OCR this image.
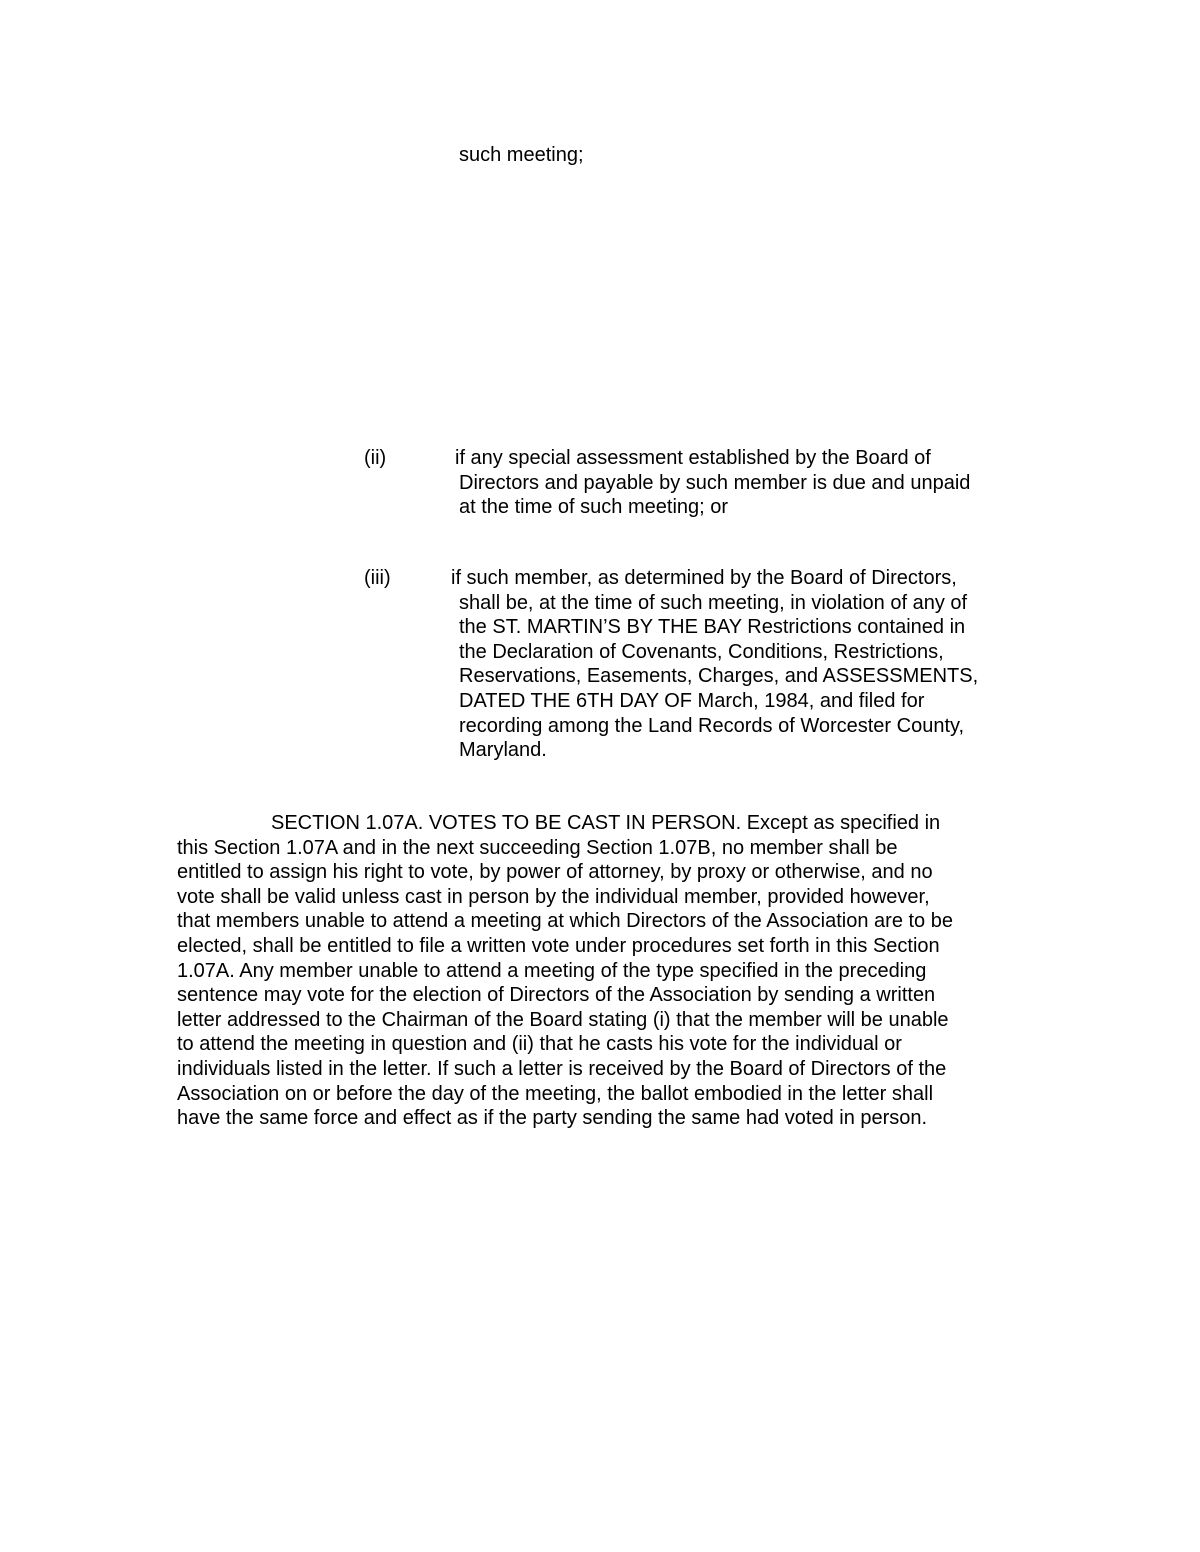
such meeting;

(ii)	if any special assessment established by the Board of
Directors and payable by such member is due and unpaid
at the time of such meeting; or
(iii)	if such member, as determined by the Board of Directors,
shall be, at the time of such meeting, in violation of any of
the ST. MARTIN’S BY THE BAY Restrictions contained in
the Declaration of Covenants, Conditions, Restrictions,
Reservations, Easements, Charges, and ASSESSMENTS,
DATED THE 6TH DAY OF March, 1984, and filed for
recording among the Land Records of Worcester County,
Maryland.
SECTION 1.07A. VOTES TO BE CAST IN PERSON. Except as specified in
this Section 1.07A and in the next succeeding Section 1.07B, no member shall be
entitled to assign his right to vote, by power of attorney, by proxy or otherwise, and no
vote shall be valid unless cast in person by the individual member, provided however,
that members unable to attend a meeting at which Directors of the Association are to be
elected, shall be entitled to file a written vote under procedures set forth in this Section
1.07A. Any member unable to attend a meeting of the type specified in the preceding
sentence may vote for the election of Directors of the Association by sending a written
letter addressed to the Chairman of the Board stating (i) that the member will be unable
to attend the meeting in question and (ii) that he casts his vote for the individual or
individuals listed in the letter. If such a letter is received by the Board of Directors of the
Association on or before the day of the meeting, the ballot embodied in the letter shall
have the same force and effect as if the party sending the same had voted in person.
